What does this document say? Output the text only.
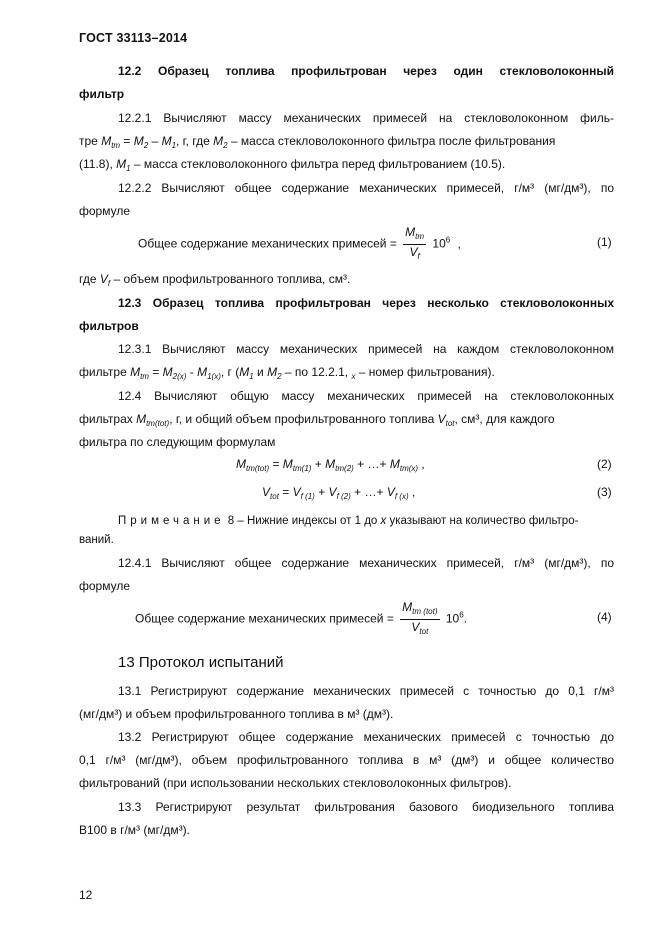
ГОСТ 33113–2014
12.2 Образец топлива профильтрован через один стекловолоконный
фильтр
12.2.1 Вычисляют массу механических примесей на стекловолоконном филь-
тре $M_{tm} = M_2 - M_1$, г, где $M_2$ – масса стекловолоконного фильтра после фильтрования
(11.8), $M_1$ – масса стекловолоконного фильтра перед фильтрованием (10.5).
12.2.2 Вычисляют общее содержание механических примесей, г/м³ (мг/дм³), по
формуле
Общее содержание механических примесей = $\frac{M_{tm}}{V_f} 10^6$ ,	(1)
где $V_f$ – объем профильтрованного топлива, см³.
12.3 Образец топлива профильтрован через несколько стекловолоконных
фильтров
12.3.1 Вычисляют массу механических примесей на каждом стекловолоконном
фильтре $M_{tm} = M_{2(x)} - M_{1(x)}$, г ($M_1$ и $M_2$ – по 12.2.1, $_x$ – номер фильтрования).
12.4 Вычисляют общую массу механических примесей на стекловолоконных
фильтрах $M_{tm(tot)}$, г, и общий объем профильтрованного топлива $V_{tot}$, см³, для каждого
фильтра по следующим формулам
$M_{tm(tot)} = M_{tm(1)} + M_{tm(2)}$ + …+ $M_{tm(x)}$ ,	(2)
$V_{tot} = V_{f (1)} + V_{f (2)}$ + …+ $V_{f (x)}$ ,	(3)
Примечание 8 – Нижние индексы от 1 до x указывают на количество фильтро-
ваний.
12.4.1 Вычисляют общее содержание механических примесей, г/м³ (мг/дм³), по
формуле
Общее содержание механических примесей = $\frac{M_{tm (tot)}}{V_{tot}} 10^6$.	(4)
13 Протокол испытаний
13.1 Регистрируют содержание механических примесей с точностью до 0,1 г/м³
(мг/дм³) и объем профильтрованного топлива в м³ (дм³).
13.2 Регистрируют общее содержание механических примесей с точностью до
0,1 г/м³ (мг/дм³), объем профильтрованного топлива в м³ (дм³) и общее количество
фильтрований (при использовании нескольких стекловолоконных фильтров).
13.3 Регистрируют результат фильтрования базового биодизельного топлива
B100 в г/м³ (мг/дм³).
12
